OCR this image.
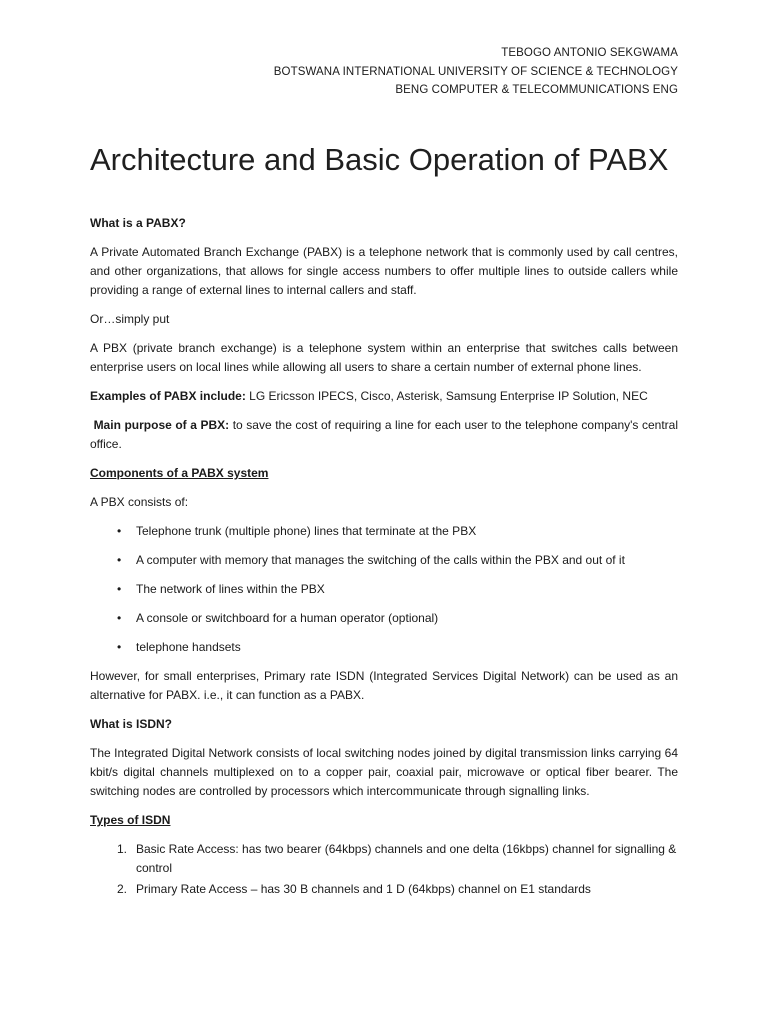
TEBOGO ANTONIO SEKGWAMA
BOTSWANA INTERNATIONAL UNIVERSITY OF SCIENCE & TECHNOLOGY
BENG COMPUTER & TELECOMMUNICATIONS ENG
Architecture and Basic Operation of PABX

What is a PABX?

A Private Automated Branch Exchange (PABX) is a telephone network that is commonly used by call centres, and other organizations, that allows for single access numbers to offer multiple lines to outside callers while providing a range of external lines to internal callers and staff.

Or…simply put

A PBX (private branch exchange) is a telephone system within an enterprise that switches calls between enterprise users on local lines while allowing all users to share a certain number of external phone lines.

Examples of PABX include: LG Ericsson IPECS, Cisco, Asterisk, Samsung Enterprise IP Solution, NEC

Main purpose of a PBX: to save the cost of requiring a line for each user to the telephone company's central office.

Components of a PABX system

A PBX consists of:

• Telephone trunk (multiple phone) lines that terminate at the PBX
• A computer with memory that manages the switching of the calls within the PBX and out of it
• The network of lines within the PBX
• A console or switchboard for a human operator (optional)
• telephone handsets

However, for small enterprises, Primary rate ISDN (Integrated Services Digital Network) can be used as an alternative for PABX. i.e., it can function as a PABX.

What is ISDN?

The Integrated Digital Network consists of local switching nodes joined by digital transmission links carrying 64 kbit/s digital channels multiplexed on to a copper pair, coaxial pair, microwave or optical fiber bearer. The switching nodes are controlled by processors which intercommunicate through signalling links.

Types of ISDN

1. Basic Rate Access: has two bearer (64kbps) channels and one delta (16kbps) channel for signalling & control
2. Primary Rate Access – has 30 B channels and 1 D (64kbps) channel on E1 standards
